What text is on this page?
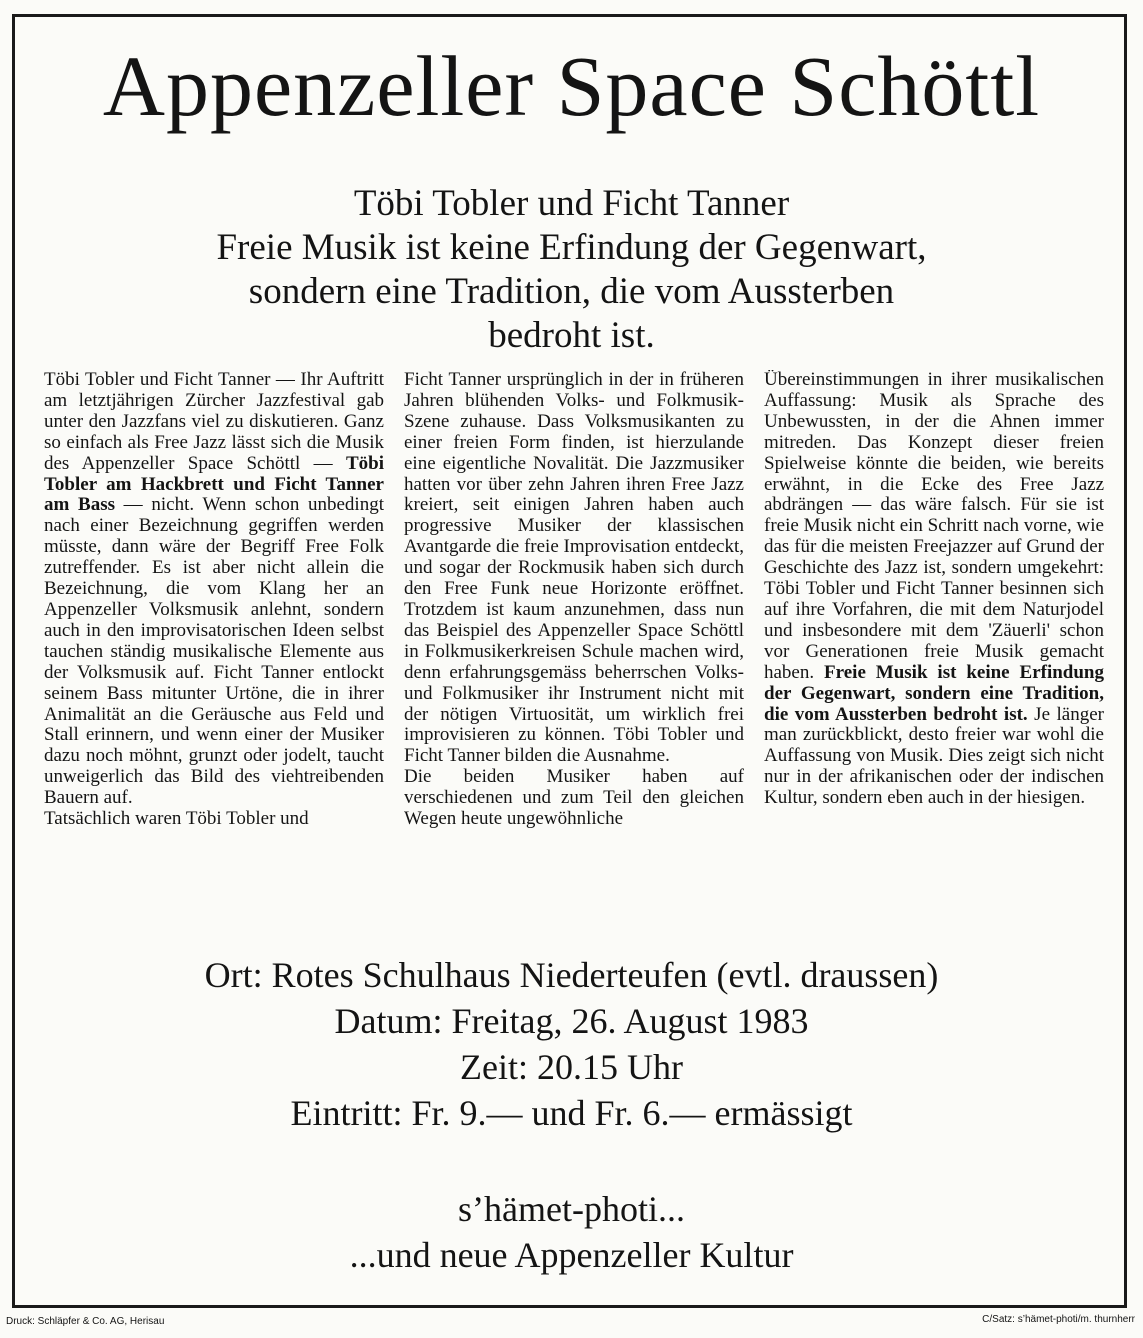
Appenzeller Space Schöttl
Töbi Tobler und Ficht Tanner
Freie Musik ist keine Erfindung der Gegenwart,
sondern eine Tradition, die vom Aussterben
bedroht ist.
Töbi Tobler und Ficht Tanner — Ihr Auftritt am letztjährigen Zürcher Jazzfestival gab unter den Jazzfans viel zu diskutieren. Ganz so einfach als Free Jazz lässt sich die Musik des Appenzeller Space Schöttl — Töbi Tobler am Hackbrett und Ficht Tanner am Bass — nicht. Wenn schon unbedingt nach einer Bezeichnung gegriffen werden müsste, dann wäre der Begriff Free Folk zutreffender. Es ist aber nicht allein die Bezeichnung, die vom Klang her an Appenzeller Volksmusik anlehnt, sondern auch in den improvisatorischen Ideen selbst tauchen ständig musikalische Elemente aus der Volksmusik auf. Ficht Tanner entlockt seinem Bass mitunter Urtöne, die in ihrer Animalität an die Geräusche aus Feld und Stall erinnern, und wenn einer der Musiker dazu noch möhnt, grunzt oder jodelt, taucht unweigerlich das Bild des viehtreibenden Bauern auf.
Tatsächlich waren Töbi Tobler und
Ficht Tanner ursprünglich in der in früheren Jahren blühenden Volks- und Folkmusik-Szene zuhause. Dass Volksmusikanten zu einer freien Form finden, ist hierzulande eine eigentliche Novalität. Die Jazzmusiker hatten vor über zehn Jahren ihren Free Jazz kreiert, seit einigen Jahren haben auch progressive Musiker der klassischen Avantgarde die freie Improvisation entdeckt, und sogar der Rockmusik haben sich durch den Free Funk neue Horizonte eröffnet. Trotzdem ist kaum anzunehmen, dass nun das Beispiel des Appenzeller Space Schöttl in Folkmusikerkreisen Schule machen wird, denn erfahrungsgemäss beherrschen Volks- und Folkmusiker ihr Instrument nicht mit der nötigen Virtuosität, um wirklich frei improvisieren zu können. Töbi Tobler und Ficht Tanner bilden die Ausnahme.
Die beiden Musiker haben auf verschiedenen und zum Teil den gleichen Wegen heute ungewöhnliche
Übereinstimmungen in ihrer musikalischen Auffassung: Musik als Sprache des Unbewussten, in der die Ahnen immer mitreden. Das Konzept dieser freien Spielweise könnte die beiden, wie bereits erwähnt, in die Ecke des Free Jazz abdrängen — das wäre falsch. Für sie ist freie Musik nicht ein Schritt nach vorne, wie das für die meisten Freejazzer auf Grund der Geschichte des Jazz ist, sondern umgekehrt: Töbi Tobler und Ficht Tanner besinnen sich auf ihre Vorfahren, die mit dem Naturjodel und insbesondere mit dem 'Zäuerli' schon vor Generationen freie Musik gemacht haben. Freie Musik ist keine Erfindung der Gegenwart, sondern eine Tradition, die vom Aussterben bedroht ist. Je länger man zurückblickt, desto freier war wohl die Auffassung von Musik. Dies zeigt sich nicht nur in der afrikanischen oder der indischen Kultur, sondern eben auch in der hiesigen.
Ort: Rotes Schulhaus Niederteufen (evtl. draussen)
Datum: Freitag, 26. August 1983
Zeit: 20.15 Uhr
Eintritt: Fr. 9.— und Fr. 6.— ermässigt
s’hämet-photi...
...und neue Appenzeller Kultur
Druck: Schläpfer & Co. AG, Herisau	C/Satz: s’hämet-photi/m. thurnherr
